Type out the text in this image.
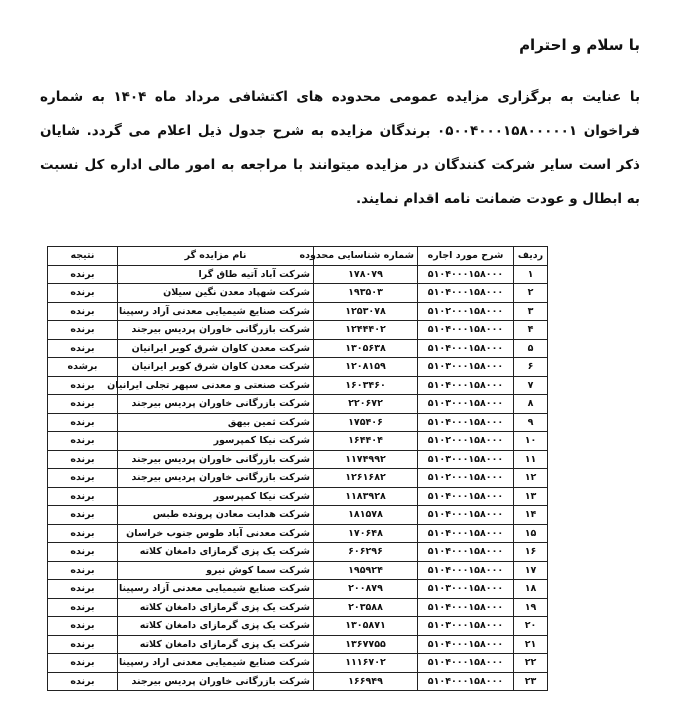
با سلام و احترام
با عنایت به برگزاری مزایده عمومی محدوده های اکتشافی مرداد ماه ۱۴۰۴ به شماره فراخوان ۰۵۰۰۴۰۰۰۱۵۸۰۰۰۰۰۱ برندگان مزایده به شرح جدول ذیل اعلام می گردد. شایان ذکر است سایر شرکت کنندگان در مزایده میتوانند با مراجعه به امور مالی اداره کل نسبت به ابطال و عودت ضمانت نامه اقدام نمایند.
ردیف	شرح مورد اجاره	شماره شناسایی محدوده	نام مزایده گر	نتیجه
۱	۵۱۰۴۰۰۰۱۵۸۰۰۰	۱۷۸۰۷۹	شرکت آباد آتیه طاق گرا	برنده
۲	۵۱۰۴۰۰۰۱۵۸۰۰۰	۱۹۳۵۰۳	شرکت شهپاد معدن نگین سیلان	برنده
۳	۵۱۰۲۰۰۰۱۵۸۰۰۰	۱۲۵۳۰۷۸	شرکت صنایع شیمیایی معدنی آراد رسپینا	برنده
۴	۵۱۰۴۰۰۰۱۵۸۰۰۰	۱۲۴۴۴۰۲	شرکت بازرگانی خاوران پردیس بیرجند	برنده
۵	۵۱۰۴۰۰۰۱۵۸۰۰۰	۱۳۰۵۶۳۸	شرکت معدن کاوان شرق کویر ایرانیان	برنده
۶	۵۱۰۳۰۰۰۱۵۸۰۰۰	۱۲۰۸۱۵۹	شرکت معدن کاوان شرق کویر ایرانیان	برشده
۷	۵۱۰۴۰۰۰۱۵۸۰۰۰	۱۶۰۳۴۶۰	شرکت صنعتی و معدنی سپهر تجلی ایرانیان	برنده
۸	۵۱۰۳۰۰۰۱۵۸۰۰۰	۲۲۰۶۷۲	شرکت بازرگانی خاوران پردیس بیرجند	برنده
۹	۵۱۰۴۰۰۰۱۵۸۰۰۰	۱۷۵۴۰۶	شرکت ثمین بیهق	برنده
۱۰	۵۱۰۲۰۰۰۱۵۸۰۰۰	۱۶۴۴۰۴	شرکت نیکا کمپرسور	برنده
۱۱	۵۱۰۳۰۰۰۱۵۸۰۰۰	۱۱۷۴۹۹۲	شرکت بازرگانی خاوران پردیس بیرجند	برنده
۱۲	۵۱۰۲۰۰۰۱۵۸۰۰۰	۱۲۶۱۶۸۲	شرکت بازرگانی خاوران پردیس بیرجند	برنده
۱۳	۵۱۰۴۰۰۰۱۵۸۰۰۰	۱۱۸۳۹۲۸	شرکت نیکا کمپرسور	برنده
۱۴	۵۱۰۴۰۰۰۱۵۸۰۰۰	۱۸۱۵۷۸	شرکت هدایت معادن پرونده طبس	برنده
۱۵	۵۱۰۴۰۰۰۱۵۸۰۰۰	۱۷۰۶۴۸	شرکت معدنی آباد طوس جنوب خراسان	برنده
۱۶	۵۱۰۴۰۰۰۱۵۸۰۰۰	۶۰۶۲۹۶	شرکت یک پزی گرمازای دامغان کلاته	برنده
۱۷	۵۱۰۴۰۰۰۱۵۸۰۰۰	۱۹۵۹۲۴	شرکت سما کوش نیرو	برنده
۱۸	۵۱۰۳۰۰۰۱۵۸۰۰۰	۲۰۰۸۷۹	شرکت صنایع شیمیایی معدنی آزاد رسپینا	برنده
۱۹	۵۱۰۴۰۰۰۱۵۸۰۰۰	۲۰۳۵۸۸	شرکت یک پزی گرمازای دامغان کلاته	برنده
۲۰	۵۱۰۳۰۰۰۱۵۸۰۰۰	۱۳۰۵۸۷۱	شرکت یک پزی گرمازای دامغان کلاته	برنده
۲۱	۵۱۰۴۰۰۰۱۵۸۰۰۰	۱۳۶۷۷۵۵	شرکت یک پزی گرمازای دامغان کلاته	برنده
۲۲	۵۱۰۴۰۰۰۱۵۸۰۰۰	۱۱۱۶۷۰۲	شرکت صنایع شیمیایی معدنی اراد رسپینا	برنده
۲۳	۵۱۰۴۰۰۰۱۵۸۰۰۰	۱۶۶۹۴۹	شرکت بازرگانی خاوران پردیس بیرجند	برنده
